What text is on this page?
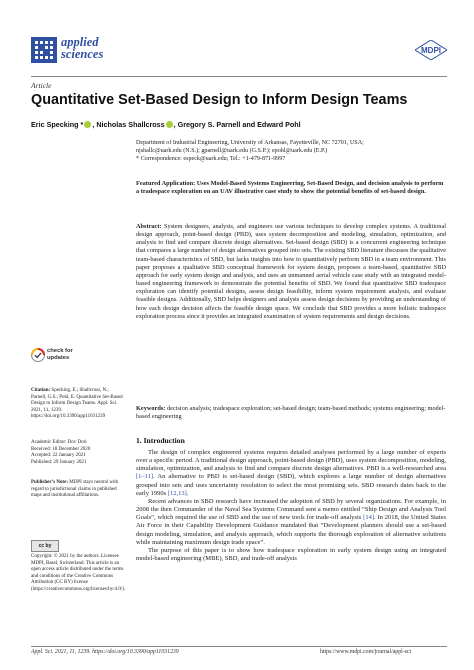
applied
sciences	MDPI
Article
Quantitative Set-Based Design to Inform Design Teams
Eric Specking * , Nicholas Shallcross , Gregory S. Parnell and Edward Pohl
Department of Industrial Engineering, University of Arkansas, Fayetteville, NC 72701, USA;
njshallc@uark.edu (N.S.); gparnell@uark.edu (G.S.P.); epohl@uark.edu (E.P.)
* Correspondence: especk@uark.edu; Tel.: +1-479-871-9997
Featured Application: Uses Model-Based Systems Engineering, Set-Based Design, and decision analysis to perform a tradespace exploration on an UAV illustrative case study to show the potential benefits of set-based design.
Abstract: System designers, analysts, and engineers use various techniques to develop complex systems. A traditional design approach, point-based design (PBD), uses system decomposition and modeling, simulation, optimization, and analysis to find and compare discrete design alternatives. Set-based design (SBD) is a concurrent engineering technique that compares a large number of design alternatives grouped into sets. The existing SBD literature discusses the qualitative team-based characteristics of SBD, but lacks insights into how to quantitatively perform SBD in a team environment. This paper proposes a qualitative SBD conceptual framework for system design, proposes a team-based, quantitative SBD approach for early system design and analysis, and uses an unmanned aerial vehicle case study with an integrated model-based engineering framework to demonstrate the potential benefits of SBD. We found that quantitative SBD tradespace exploration can identify potential designs, assess design feasibility, inform system requirement analysis, and evaluate feasible designs. Additionally, SBD helps designers and analysts assess design decisions by providing an understanding of how each design decision affects the feasible design space. We conclude that SBD provides a more holistic tradespace exploration process since it provides an integrated examination of system requirements and design decisions.
Keywords: decision analysis; tradespace exploration; set-based design; team-based methods; systems engineering; model-based engineering
1. Introduction

The design of complex engineered systems requires detailed analyses performed by a large number of experts over a specific period. A traditional design approach, point-based design (PBD), uses system decomposition, modeling, simulation, optimization, and analysis to find and compare discrete design alternatives. PBD is a well-researched area [1–11]. An alternative to PBD is set-based design (SBD), which explores a large number of design alternatives grouped into sets and uses uncertainty resolution to select the most promising sets. SBD research dates back to the early 1990s [12,13].

Recent advances in SBD research have increased the adoption of SBD by several organizations. For example, in 2008 the then Commander of the Naval Sea Systems Command sent a memo entitled “Ship Design and Analysis Tool Goals”, which required the use of SBD and the use of new tools for trade-off analysis [14]. In 2018, the United States Air Force in their Capability Development Guidance mandated that “Development planners should use a set-based design modeling, simulation, and analysis approach, which supports the thorough exploration of alternative solutions while maintaining maximum design trade space”.

The purpose of this paper is to show how tradespace exploration in early system design using an integrated model-based engineering (MBE), SBD, and trade-off analysis

check for
updates
Citation: Specking, E.; Shallcross, N.; Parnell, G.S.; Pohl, E. Quantitative Set-Based Design to Inform Design Teams. Appl. Sci. 2021, 11, 1239. https://doi.org/10.3390/app11031239
Academic Editor: Dov Dori
Received: 18 December 2020
Accepted: 22 January 2021
Published: 29 January 2021
Publisher’s Note: MDPI stays neutral with regard to jurisdictional claims in published maps and institutional affiliations.
cc by
Copyright: © 2021 by the authors. Licensee MDPI, Basel, Switzerland. This article is an open access article distributed under the terms and conditions of the Creative Commons Attribution (CC BY) license (https://creativecommons.org/licenses/by/4.0/).
Appl. Sci. 2021, 11, 1239. https://doi.org/10.3390/app11031239	https://www.mdpi.com/journal/appl-sci
